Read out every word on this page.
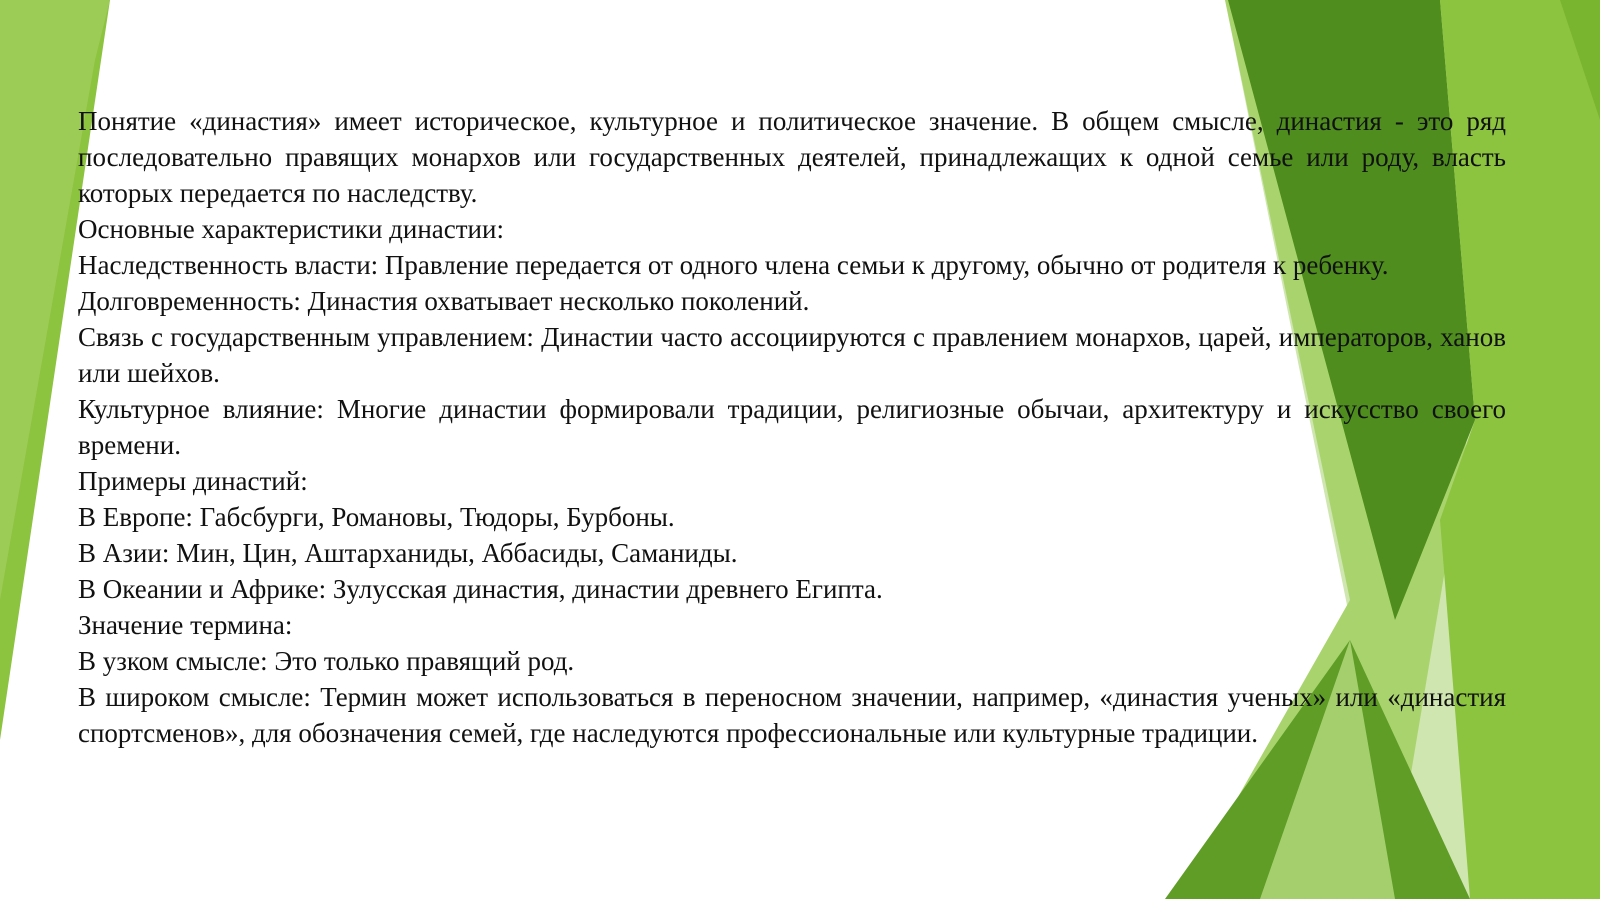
Понятие «династия» имеет историческое, культурное и политическое значение. В общем смысле, династия - это ряд последовательно правящих монархов или государственных деятелей, принадлежащих к одной семье или роду, власть которых передается по наследству.

Основные характеристики династии:

Наследственность власти: Правление передается от одного члена семьи к другому, обычно от родителя к ребенку.

Долговременность: Династия охватывает несколько поколений.

Связь с государственным управлением: Династии часто ассоциируются с правлением монархов, царей, императоров, ханов или шейхов.

Культурное влияние: Многие династии формировали традиции, религиозные обычаи, архитектуру и искусство своего времени.

Примеры династий:

В Европе: Габсбурги, Романовы, Тюдоры, Бурбоны.

В Азии: Мин, Цин, Аштарханиды, Аббасиды, Саманиды.

В Океании и Африке: Зулусская династия, династии древнего Египта.

Значение термина:

В узком смысле: Это только правящий род.

В широком смысле: Термин может использоваться в переносном значении, например, «династия ученых» или «династия спортсменов», для обозначения семей, где наследуются профессиональные или культурные традиции.
